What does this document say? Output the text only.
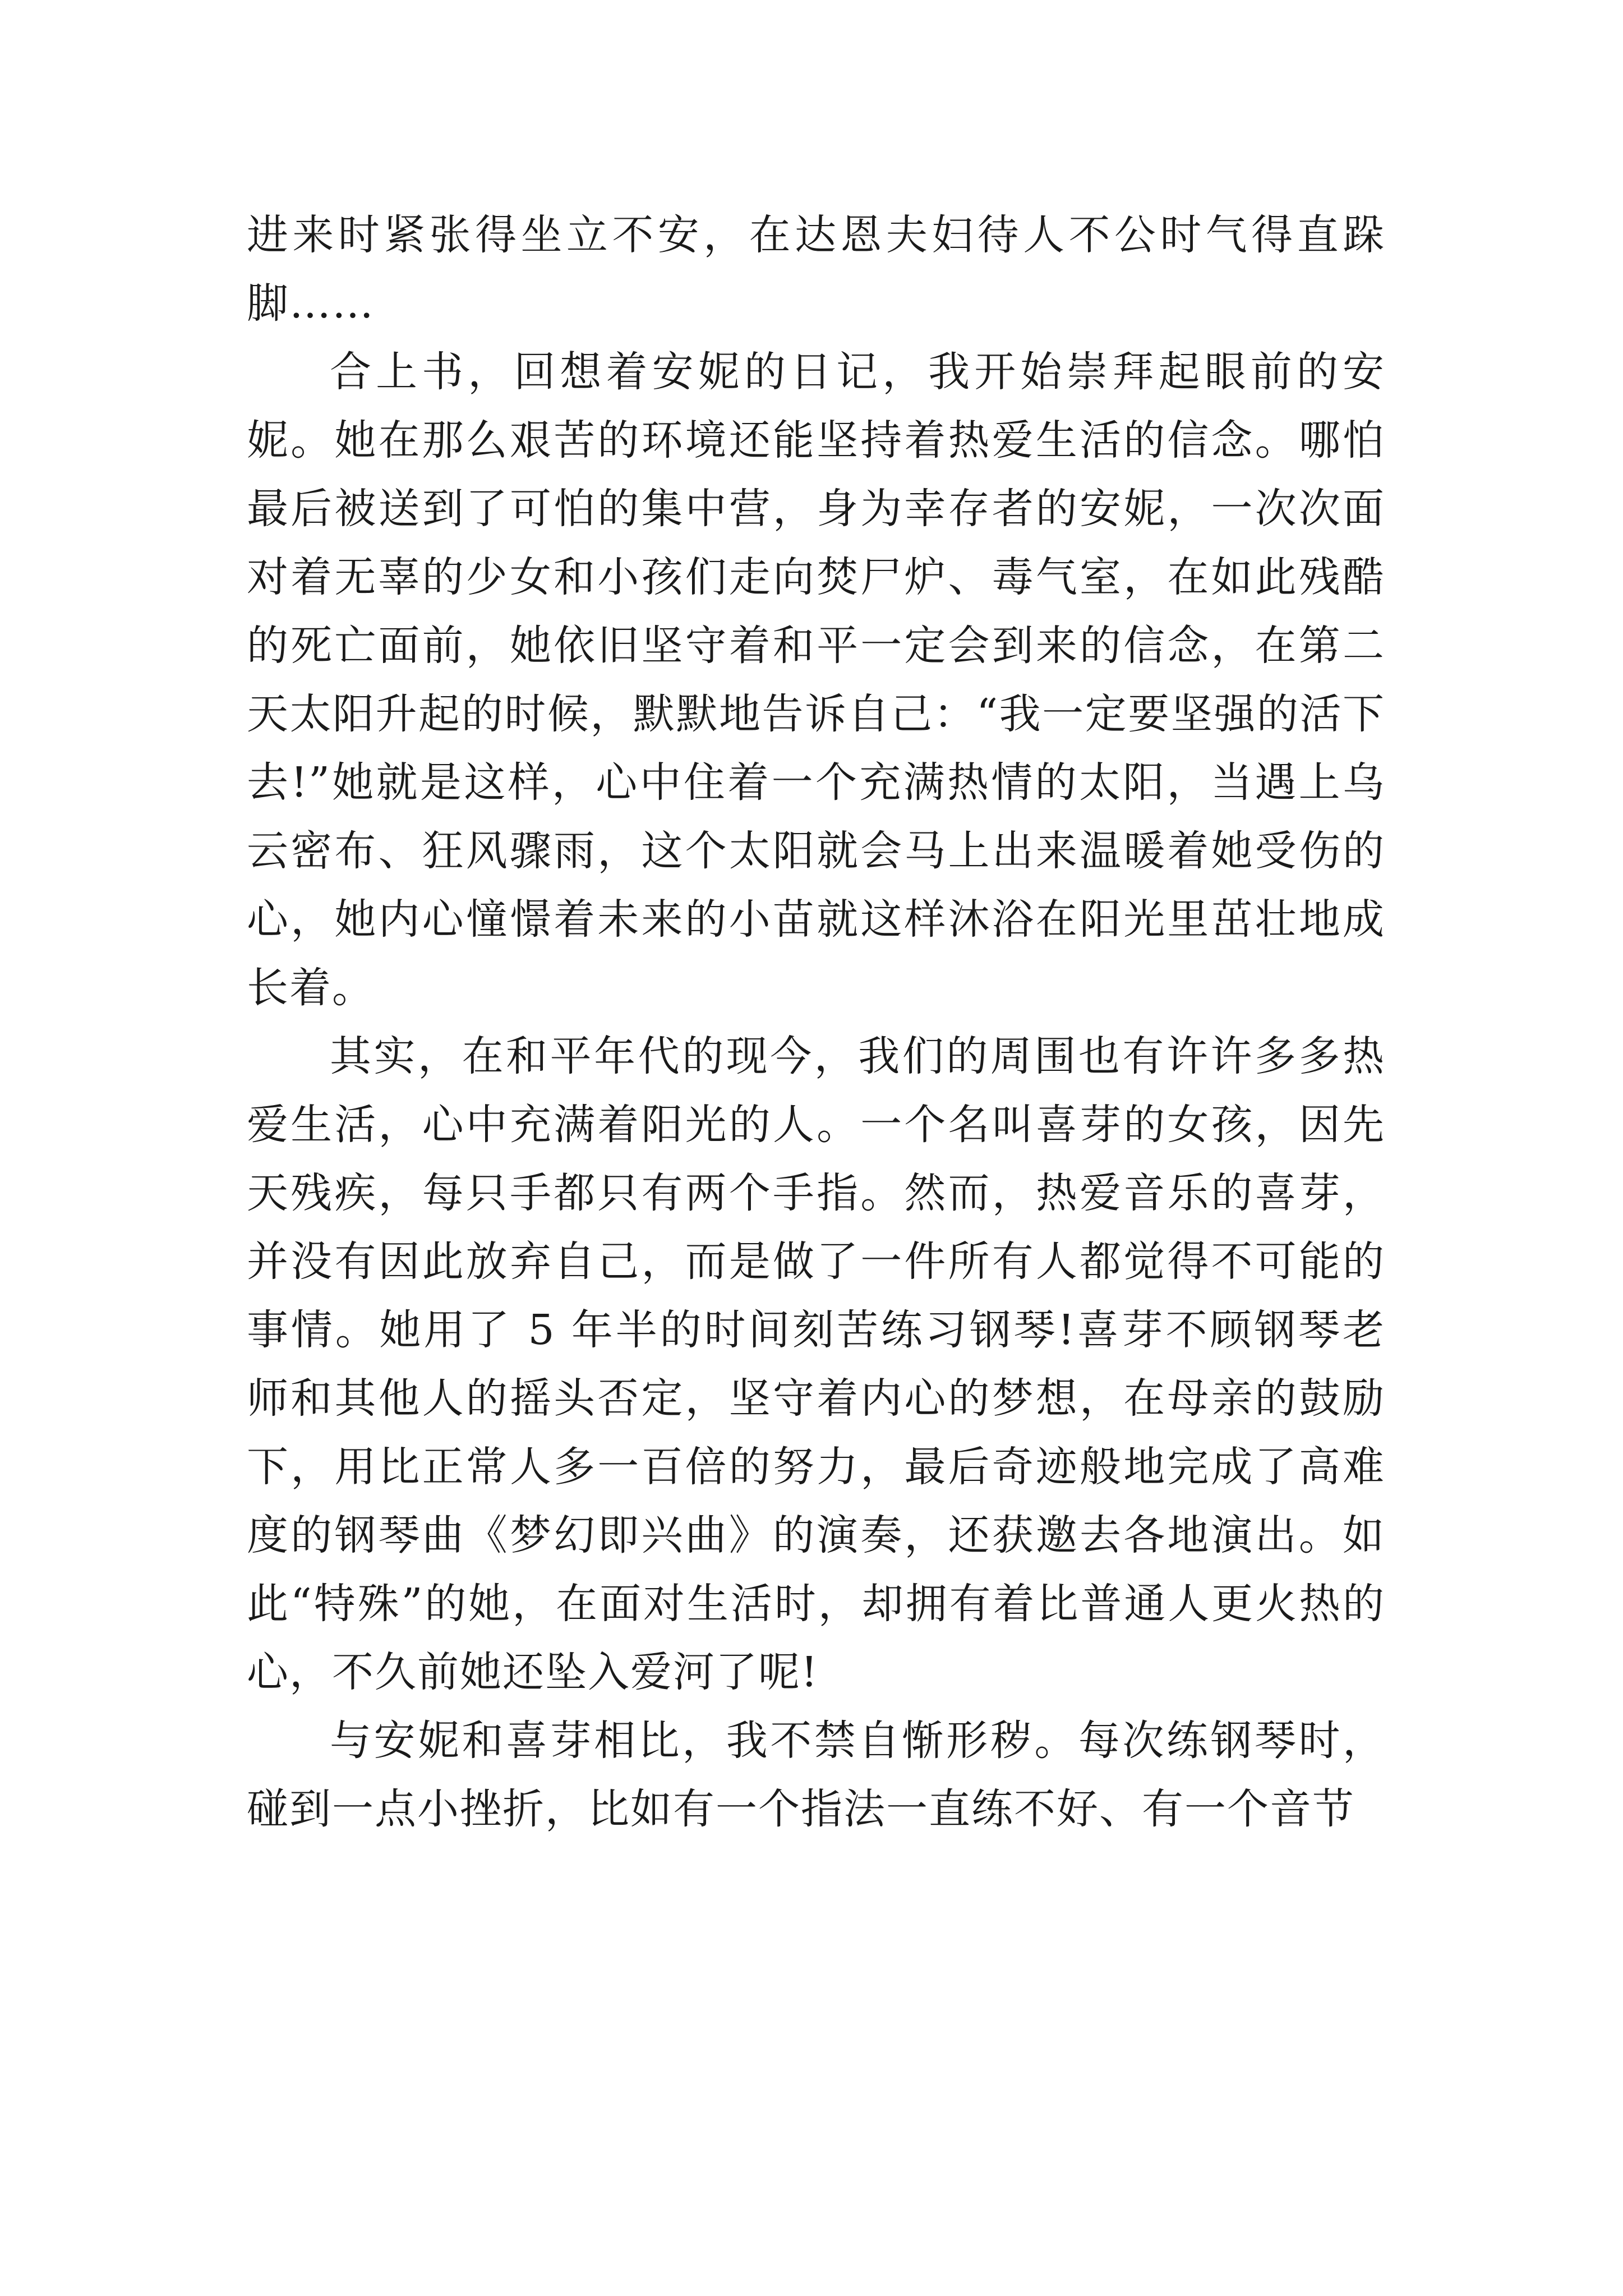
进来时紧张得坐立不安，在达恩夫妇待人不公时气得直跺脚……

合上书，回想着安妮的日记，我开始崇拜起眼前的安妮。她在那么艰苦的环境还能坚持着热爱生活的信念。哪怕最后被送到了可怕的集中营，身为幸存者的安妮，一次次面对着无辜的少女和小孩们走向焚尸炉、毒气室，在如此残酷的死亡面前，她依旧坚守着和平一定会到来的信念，在第二天太阳升起的时候，默默地告诉自己：“我一定要坚强的活下去!”她就是这样，心中住着一个充满热情的太阳，当遇上乌云密布、狂风骤雨，这个太阳就会马上出来温暖着她受伤的心，她内心憧憬着未来的小苗就这样沐浴在阳光里茁壮地成长着。

其实，在和平年代的现今，我们的周围也有许许多多热爱生活，心中充满着阳光的人。一个名叫喜芽的女孩，因先天残疾，每只手都只有两个手指。然而，热爱音乐的喜芽，并没有因此放弃自己，而是做了一件所有人都觉得不可能的事情。她用了 5 年半的时间刻苦练习钢琴!喜芽不顾钢琴老师和其他人的摇头否定，坚守着内心的梦想，在母亲的鼓励下，用比正常人多一百倍的努力，最后奇迹般地完成了高难度的钢琴曲《梦幻即兴曲》的演奏，还获邀去各地演出。如此“特殊”的她，在面对生活时，却拥有着比普通人更火热的心，不久前她还坠入爱河了呢!

与安妮和喜芽相比，我不禁自惭形秽。每次练钢琴时，碰到一点小挫折，比如有一个指法一直练不好、有一个音节
